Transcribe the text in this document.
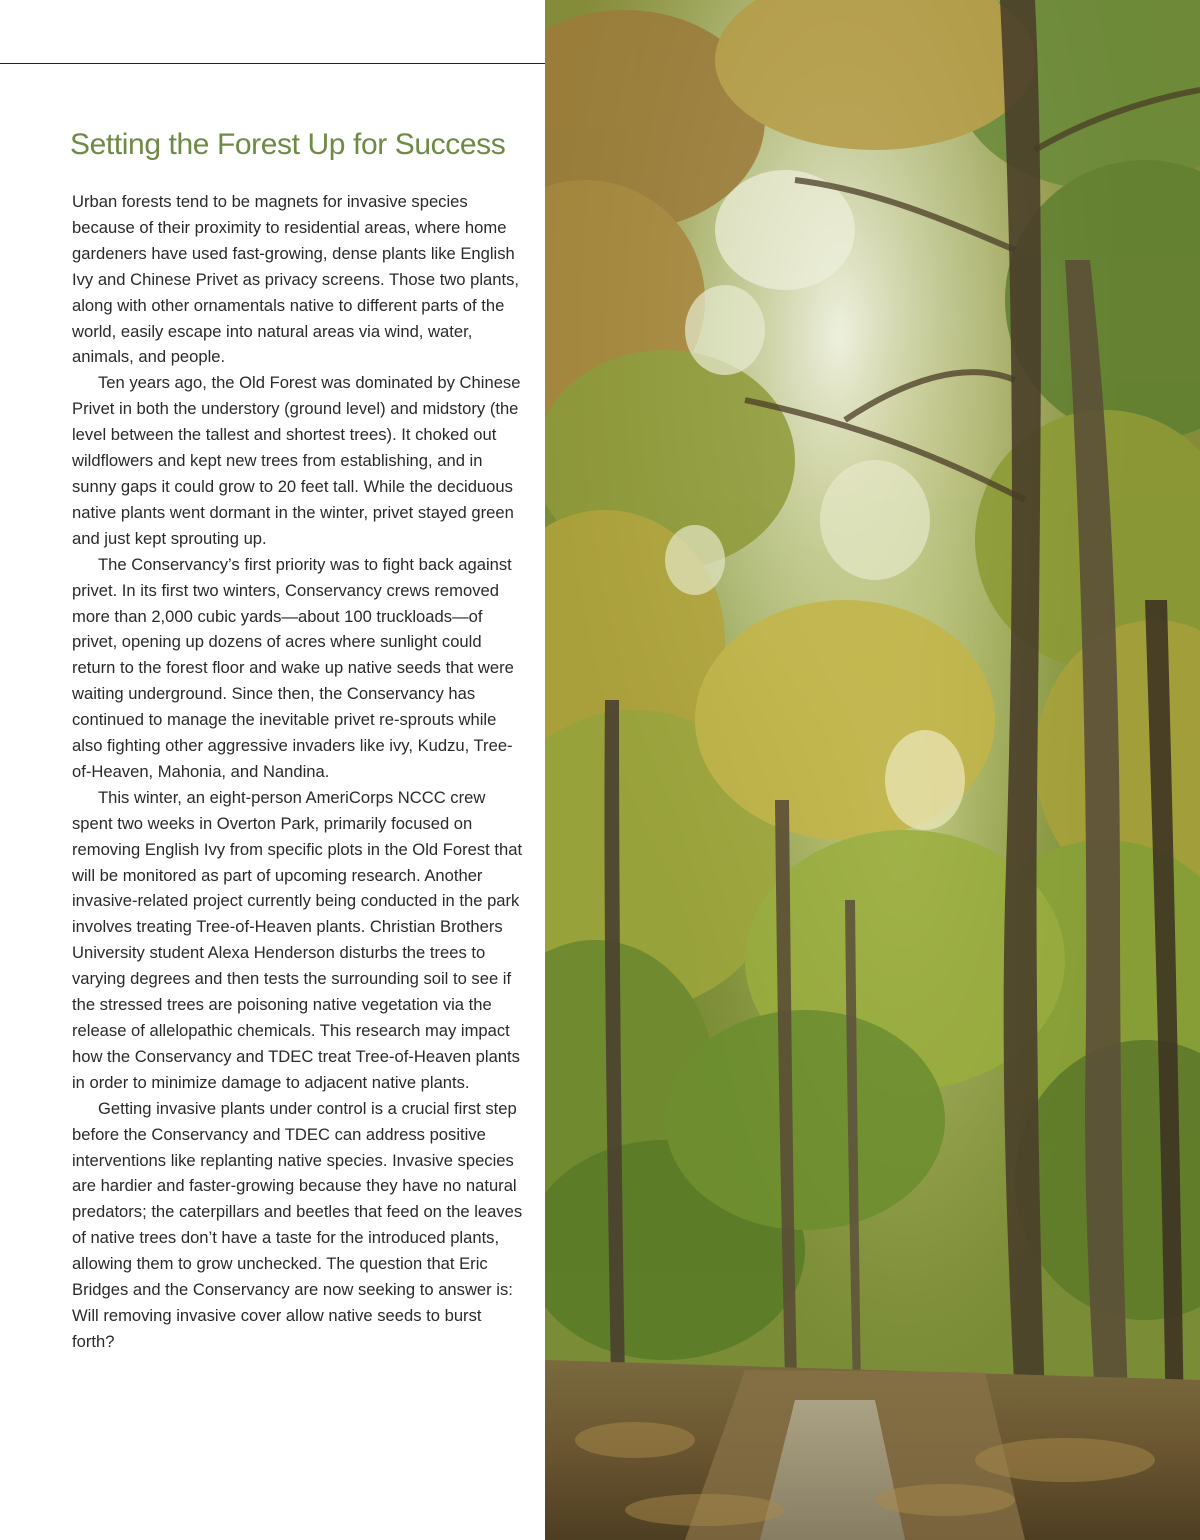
Setting the Forest Up for Success

Urban forests tend to be magnets for invasive species because of their proximity to residential areas, where home gardeners have used fast-growing, dense plants like English Ivy and Chinese Privet as privacy screens. Those two plants, along with other ornamentals native to different parts of the world, easily escape into natural areas via wind, water, animals, and people.

Ten years ago, the Old Forest was dominated by Chinese Privet in both the understory (ground level) and midstory (the level between the tallest and shortest trees). It choked out wildflowers and kept new trees from establishing, and in sunny gaps it could grow to 20 feet tall. While the deciduous native plants went dormant in the winter, privet stayed green and just kept sprouting up.

The Conservancy’s first priority was to fight back against privet. In its first two winters, Conservancy crews removed more than 2,000 cubic yards—about 100 truckloads—of privet, opening up dozens of acres where sunlight could return to the forest floor and wake up native seeds that were waiting underground. Since then, the Conservancy has continued to manage the inevitable privet re-sprouts while also fighting other aggressive invaders like ivy, Kudzu, Tree-of-Heaven, Mahonia, and Nandina.

This winter, an eight-person AmeriCorps NCCC crew spent two weeks in Overton Park, primarily focused on removing English Ivy from specific plots in the Old Forest that will be monitored as part of upcoming research. Another invasive-related project currently being conducted in the park involves treating Tree-of-Heaven plants. Christian Brothers University student Alexa Henderson disturbs the trees to varying degrees and then tests the surrounding soil to see if the stressed trees are poisoning native vegetation via the release of allelopathic chemicals. This research may impact how the Conservancy and TDEC treat Tree-of-Heaven plants in order to minimize damage to adjacent native plants.

Getting invasive plants under control is a crucial first step before the Conservancy and TDEC can address positive interventions like replanting native species. Invasive species are hardier and faster-growing because they have no natural predators; the caterpillars and beetles that feed on the leaves of native trees don’t have a taste for the introduced plants, allowing them to grow unchecked. The question that Eric Bridges and the Conservancy are now seeking to answer is: Will removing invasive cover allow native seeds to burst forth?
